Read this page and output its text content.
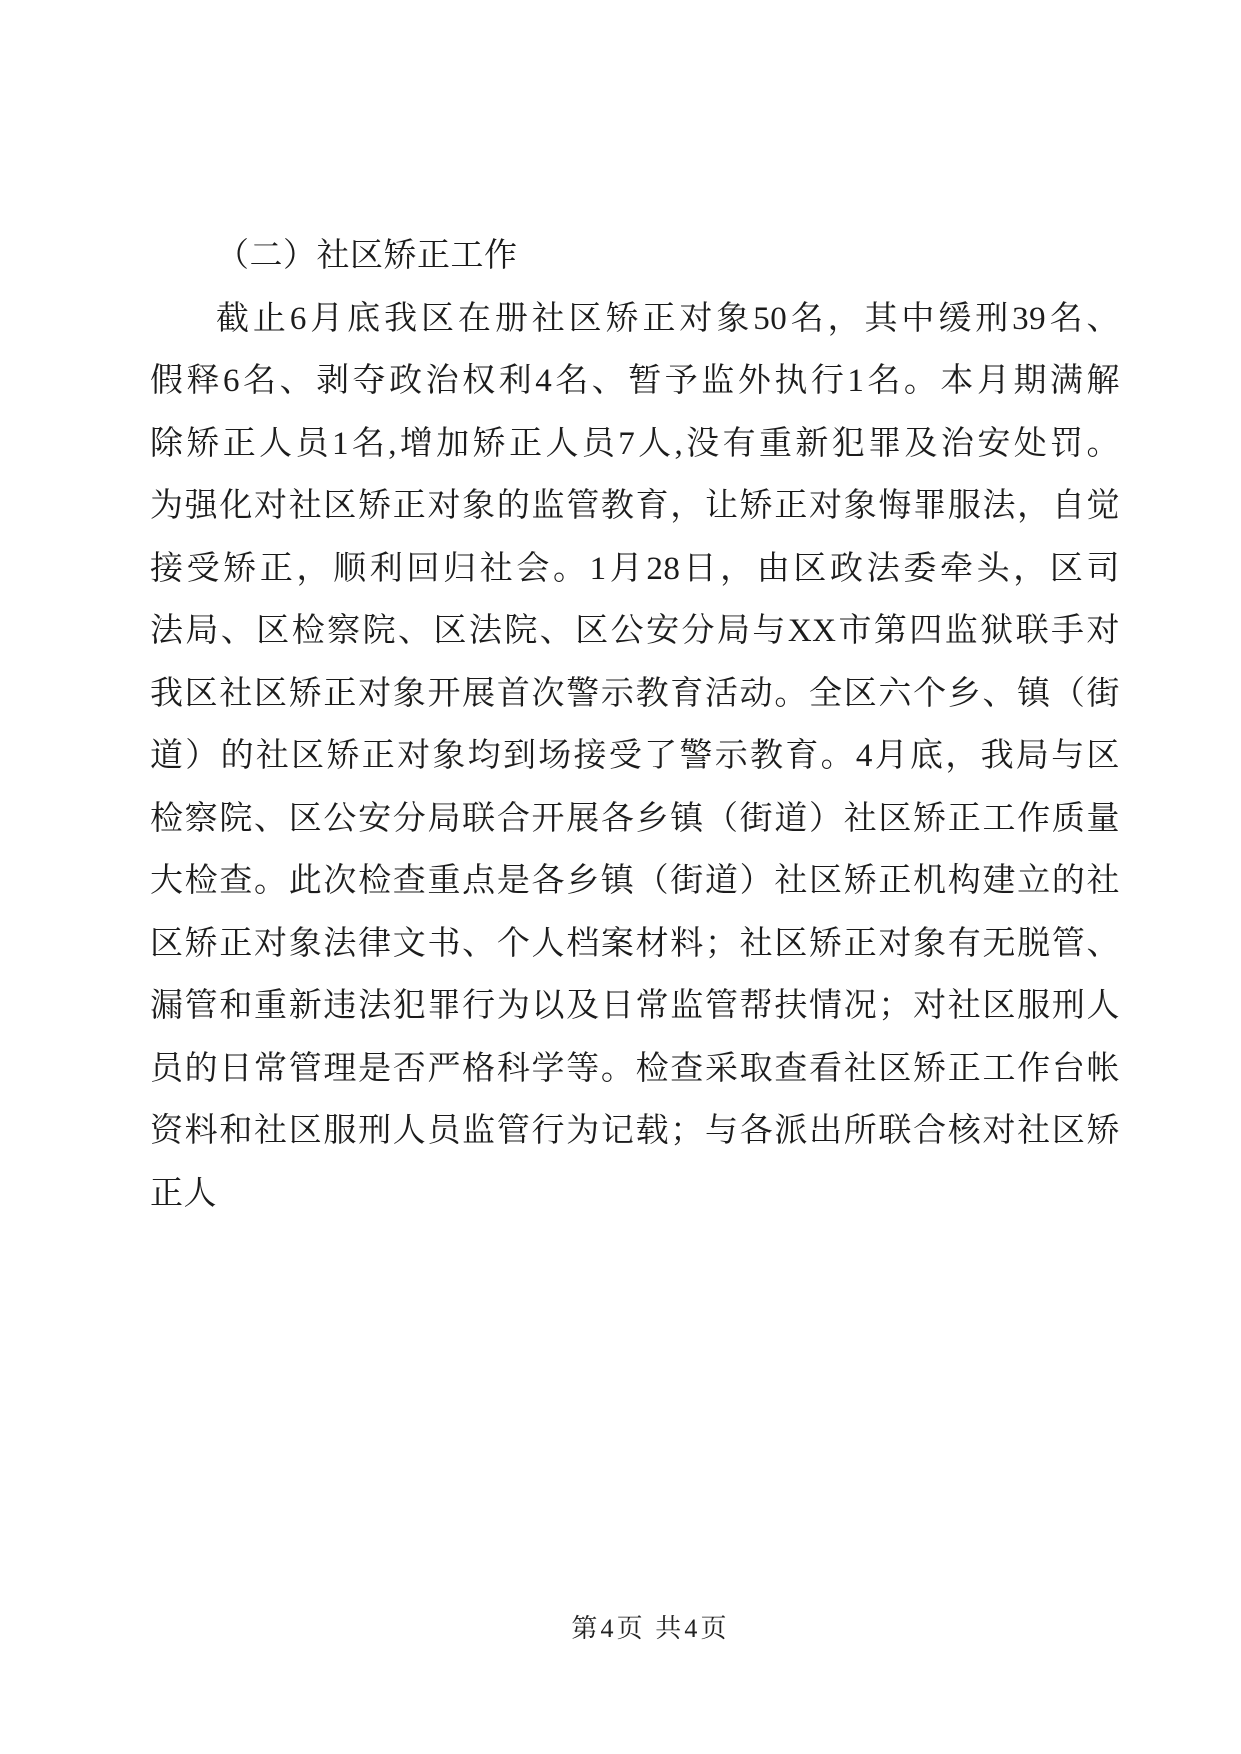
（二）社区矫正工作
截止6月底我区在册社区矫正对象50名，其中缓刑39名、
假释6名、剥夺政治权利4名、暂予监外执行1名。本月期满解
除矫正人员1名,增加矫正人员7人,没有重新犯罪及治安处罚。
为强化对社区矫正对象的监管教育，让矫正对象悔罪服法，自觉
接受矫正，顺利回归社会。1月28日，由区政法委牵头，区司
法局、区检察院、区法院、区公安分局与XX市第四监狱联手对
我区社区矫正对象开展首次警示教育活动。全区六个乡、镇（街
道）的社区矫正对象均到场接受了警示教育。4月底，我局与区
检察院、区公安分局联合开展各乡镇（街道）社区矫正工作质量
大检查。此次检查重点是各乡镇（街道）社区矫正机构建立的社
区矫正对象法律文书、个人档案材料；社区矫正对象有无脱管、
漏管和重新违法犯罪行为以及日常监管帮扶情况；对社区服刑人
员的日常管理是否严格科学等。检查采取查看社区矫正工作台帐
资料和社区服刑人员监管行为记载；与各派出所联合核对社区矫
正人
第4页 共4页
